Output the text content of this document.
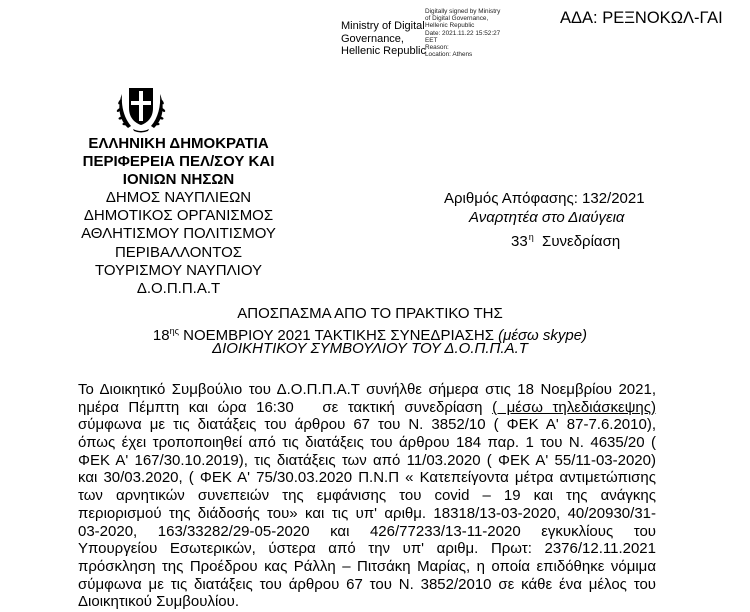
Ministry of Digital
Governance,
Hellenic Republic
Digitally signed by Ministry
of Digital Governance,
Hellenic Republic
Date: 2021.11.22 15:52:27
EET
Reason:
Location: Athens
ΑΔΑ: ΡΕΞΝΟΚΩΛ-ΓΑΙ
ΕΛΛΗΝΙΚΗ ΔΗΜΟΚΡΑΤΙΑ
ΠΕΡΙΦΕΡΕΙΑ ΠΕΛ/ΣΟΥ ΚΑΙ
ΙΟΝΙΩΝ ΝΗΣΩΝ
ΔΗΜΟΣ ΝΑΥΠΛΙΕΩΝ
ΔΗΜΟΤΙΚΟΣ ΟΡΓΑΝΙΣΜΟΣ
ΑΘΛΗΤΙΣΜΟΥ ΠΟΛΙΤΙΣΜΟΥ
ΠΕΡΙΒΑΛΛΟΝΤΟΣ
ΤΟΥΡΙΣΜΟΥ ΝΑΥΠΛΙΟΥ
Δ.Ο.Π.Π.Α.Τ
Αριθμός Απόφασης: 132/2021
Αναρτητέα στο Διαύγεια
$33^\eta$ Συνεδρίαση
ΑΠΟΣΠΑΣΜΑ ΑΠΟ ΤΟ ΠΡΑΚΤΙΚΟ ΤΗΣ
$18^{\eta\varsigma}$ ΝΟΕΜΒΡΙΟΥ 2021 ΤΑΚΤΙΚΗΣ ΣΥΝΕΔΡΙΑΣΗΣ (μέσω skype)
ΔΙΟΙΚΗΤΙΚΟΥ ΣΥΜΒΟΥΛΙΟΥ ΤΟΥ Δ.Ο.Π.Π.Α.Τ
Το Διοικητικό Συμβούλιο του Δ.Ο.Π.Π.Α.Τ συνήλθε σήμερα στις 18 Νοεμβρίου 2021,
ημέρα Πέμπτη και ώρα 16:30   σε τακτική συνεδρίαση ( μέσω τηλεδιάσκεψης)
σύμφωνα με τις διατάξεις του άρθρου 67 του Ν. 3852/10 ( ΦΕΚ Α' 87-7.6.2010),
όπως έχει τροποποιηθεί από τις διατάξεις του άρθρου 184 παρ. 1 του Ν. 4635/20 (
ΦΕΚ Α' 167/30.10.2019), τις διατάξεις των από 11/03.2020 ( ΦΕΚ Α' 55/11-03-2020)
και 30/03.2020, ( ΦΕΚ Α' 75/30.03.2020 Π.Ν.Π « Κατεπείγοντα μέτρα αντιμετώπισης
των αρνητικών συνεπειών της εμφάνισης του covid – 19 και της ανάγκης
περιορισμού της διάδοσής του» και τις υπ' αριθμ. 18318/13-03-2020, 40/20930/31-
03-2020, 163/33282/29-05-2020 και 426/77233/13-11-2020 εγκυκλίους του
Υπουργείου Εσωτερικών, ύστερα από την υπ' αριθμ. Πρωτ: 2376/12.11.2021
πρόσκληση της Προέδρου κας Ράλλη – Πιτσάκη Μαρίας, η οποία επιδόθηκε νόμιμα
σύμφωνα με τις διατάξεις του άρθρου 67 του Ν. 3852/2010 σε κάθε ένα μέλος του
Διοικητικού Συμβουλίου.
